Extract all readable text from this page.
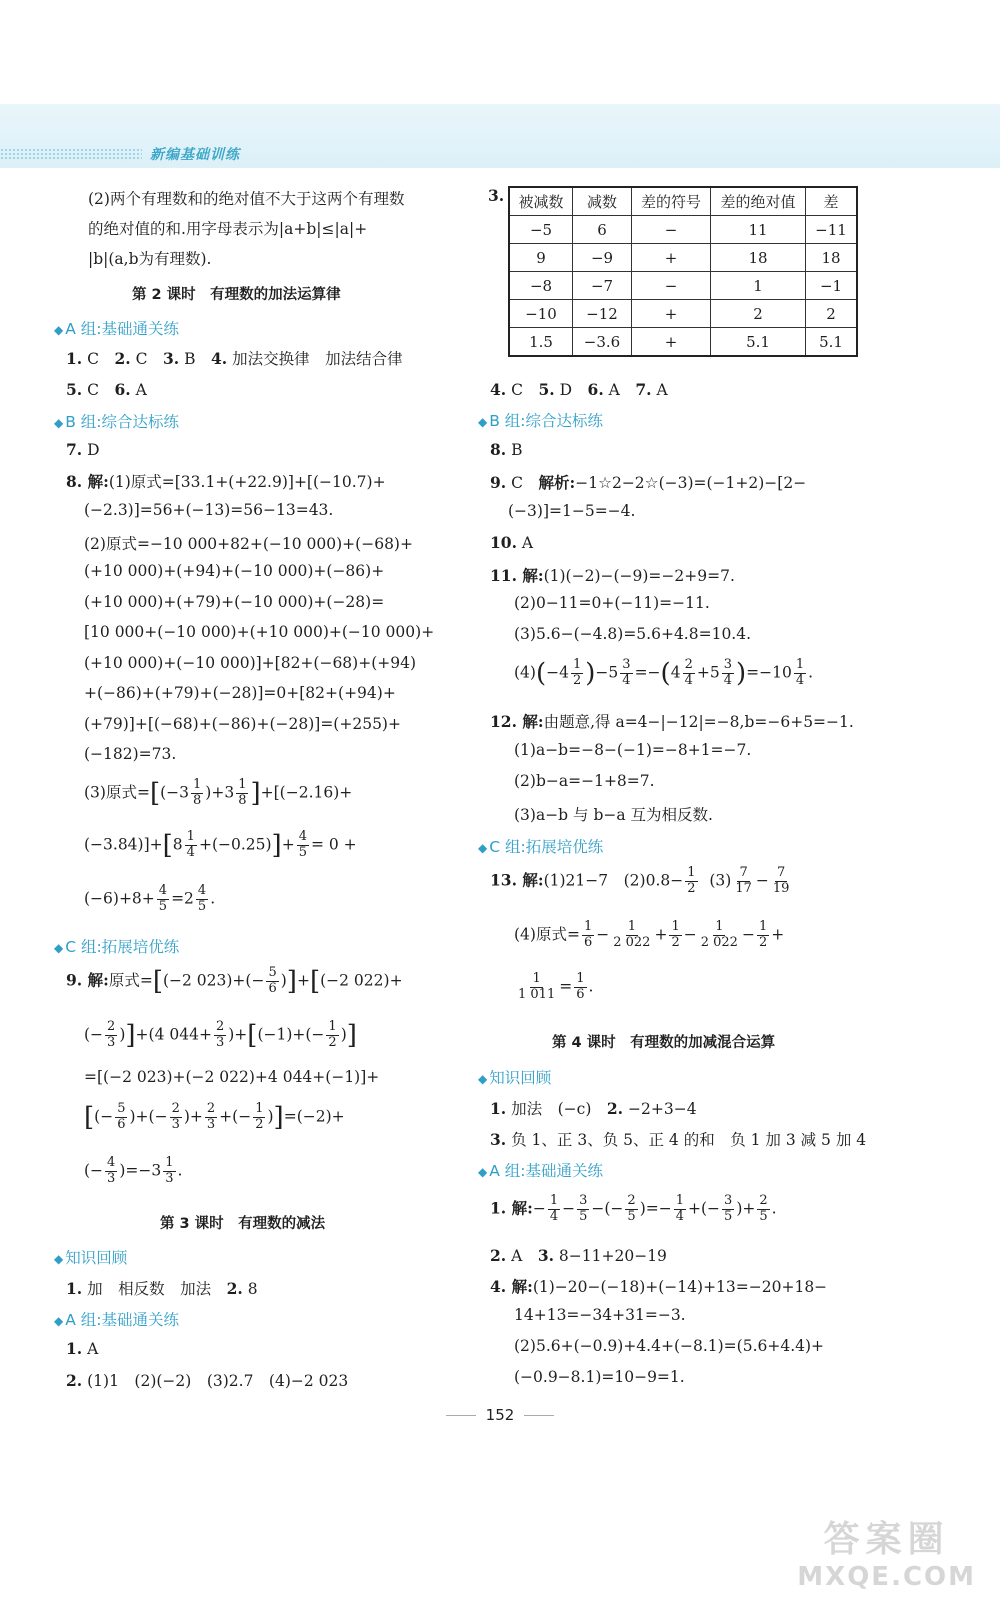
新编基础训练
(2)两个有理数和的绝对值不大于这两个有理数
的绝对值的和.用字母表示为|a+b|≤|a|+
|b|(a,b为有理数).
第 2 课时　有理数的加法运算律
◆ A 组:基础通关练
1. C　2. C　3. B　4. 加法交换律　加法结合律
5. C　6. A
◆ B 组:综合达标练
7. D
8. 解:(1)原式=[33.1+(+22.9)]+[(−10.7)+
(−2.3)]=56+(−13)=56−13=43.
(2)原式=−10 000+82+(−10 000)+(−68)+
(+10 000)+(+94)+(−10 000)+(−86)+
(+10 000)+(+79)+(−10 000)+(−28)=
[10 000+(−10 000)+(+10 000)+(−10 000)+
(+10 000)+(−10 000)]+[82+(−68)+(+94)
+(−86)+(+79)+(−28)]=0+[82+(+94)+
(+79)]+[(−68)+(−86)+(−28)]=(+255)+
(−182)=73.
(3)原式$=[(-3 \frac{1}{8} )+3 \frac{1}{8} ]+[(-2.16)+$
$(-3.84)]+[8 \frac{1}{4} +(-0.25)]+ \frac{4}{5} = 0$ +
$(-6)+8+ \frac{4}{5} =2 \frac{4}{5}$ .
◆ C 组:拓展培优练
9. 解:原式=[(−2 $023)+(- \frac{5}{6} )]+[(-2$ 022)+
(− $\frac{2}{3} )]+(4$ $044+ \frac{2}{3} )+[(-1)+(- \frac{1}{2}$ )]
=[(−2 023)+(−2 022)+4 044+(−1)]+
[(− $\frac{5}{6}$ )+(− $\frac{2}{3}$ )+ $\frac{2}{3}$ +(− $\frac{1}{2} )]=(-2)+$
(− $\frac{4}{3} )=-3 \frac{1}{3}$ .
第 3 课时　有理数的减法
◆ 知识回顾
1. 加　相反数　加法　2. 8
◆ A 组:基础通关练
1. A
2. (1)1　(2)(−2)　(3)2.7　(4)−2 023
3. 被减数	减数	差的符号	差的绝对值	差
−5	6	−	11	−11
9	−9	+	18	18
−8	−7	−	1	−1
−10	−12	+	2	2
1.5	−3.6	+	5.1	5.1
4. C　5. D　6. A　7. A
◆ B 组:综合达标练
8. B
9. C　解析:−1☆2−2☆(−3)=(−1+2)−[2−
(−3)]=1−5=−4.
10. A
11. 解:(1)(−2)−(−9)=−2+9=7.
(2)0−11=0+(−11)=−11.
(3)5.6−(−4.8)=5.6+4.8=10.4.
$(4)(-4 \frac{1}{2} )-5 \frac{3}{4} =-(4 \frac{2}{4} +5 \frac{3}{4} )=-10 \frac{1}{4}$ .
12. 解:由题意,得 a=4−|−12|=−8,b=−6+5=−1.
(1)a−b=−8−(−1)=−8+1=−7.
(2)b−a=−1+8=7.
(3)a−b 与 b−a 互为相反数.
◆ C 组:拓展培优练
13. 解:(1)21−7　$(2)0.8- \frac{1}{2} (3) \frac{7}{17} - \frac{7}{19}$
(4)原式= $\frac{1}{6} - \frac{1}{2 022} + \frac{1}{2} - \frac{1}{2 022} - \frac{1}{2}$ +
$\frac{1}{1 011} = \frac{1}{6}$ .
第 4 课时　有理数的加减混合运算
◆ 知识回顾
1. 加法　(−c)　2. −2+3−4
3. 负 1、正 3、负 5、正 4 的和　负 1 加 3 减 5 加 4
◆ A 组:基础通关练
1. 解:− $\frac{1}{4} - \frac{3}{5}$ −(− $\frac{2}{5}$ )=− $\frac{1}{4}$ +(− $\frac{3}{5}$ )+ $\frac{2}{5}$ .
2. A　3. 8−11+20−19
4. 解:(1)−20−(−18)+(−14)+13=−20+18−
14+13=−34+31=−3.
(2)5.6+(−0.9)+4.4+(−8.1)=(5.6+4.4)+
(−0.9−8.1)=10−9=1.
152
答案圈
MXQE.COM
